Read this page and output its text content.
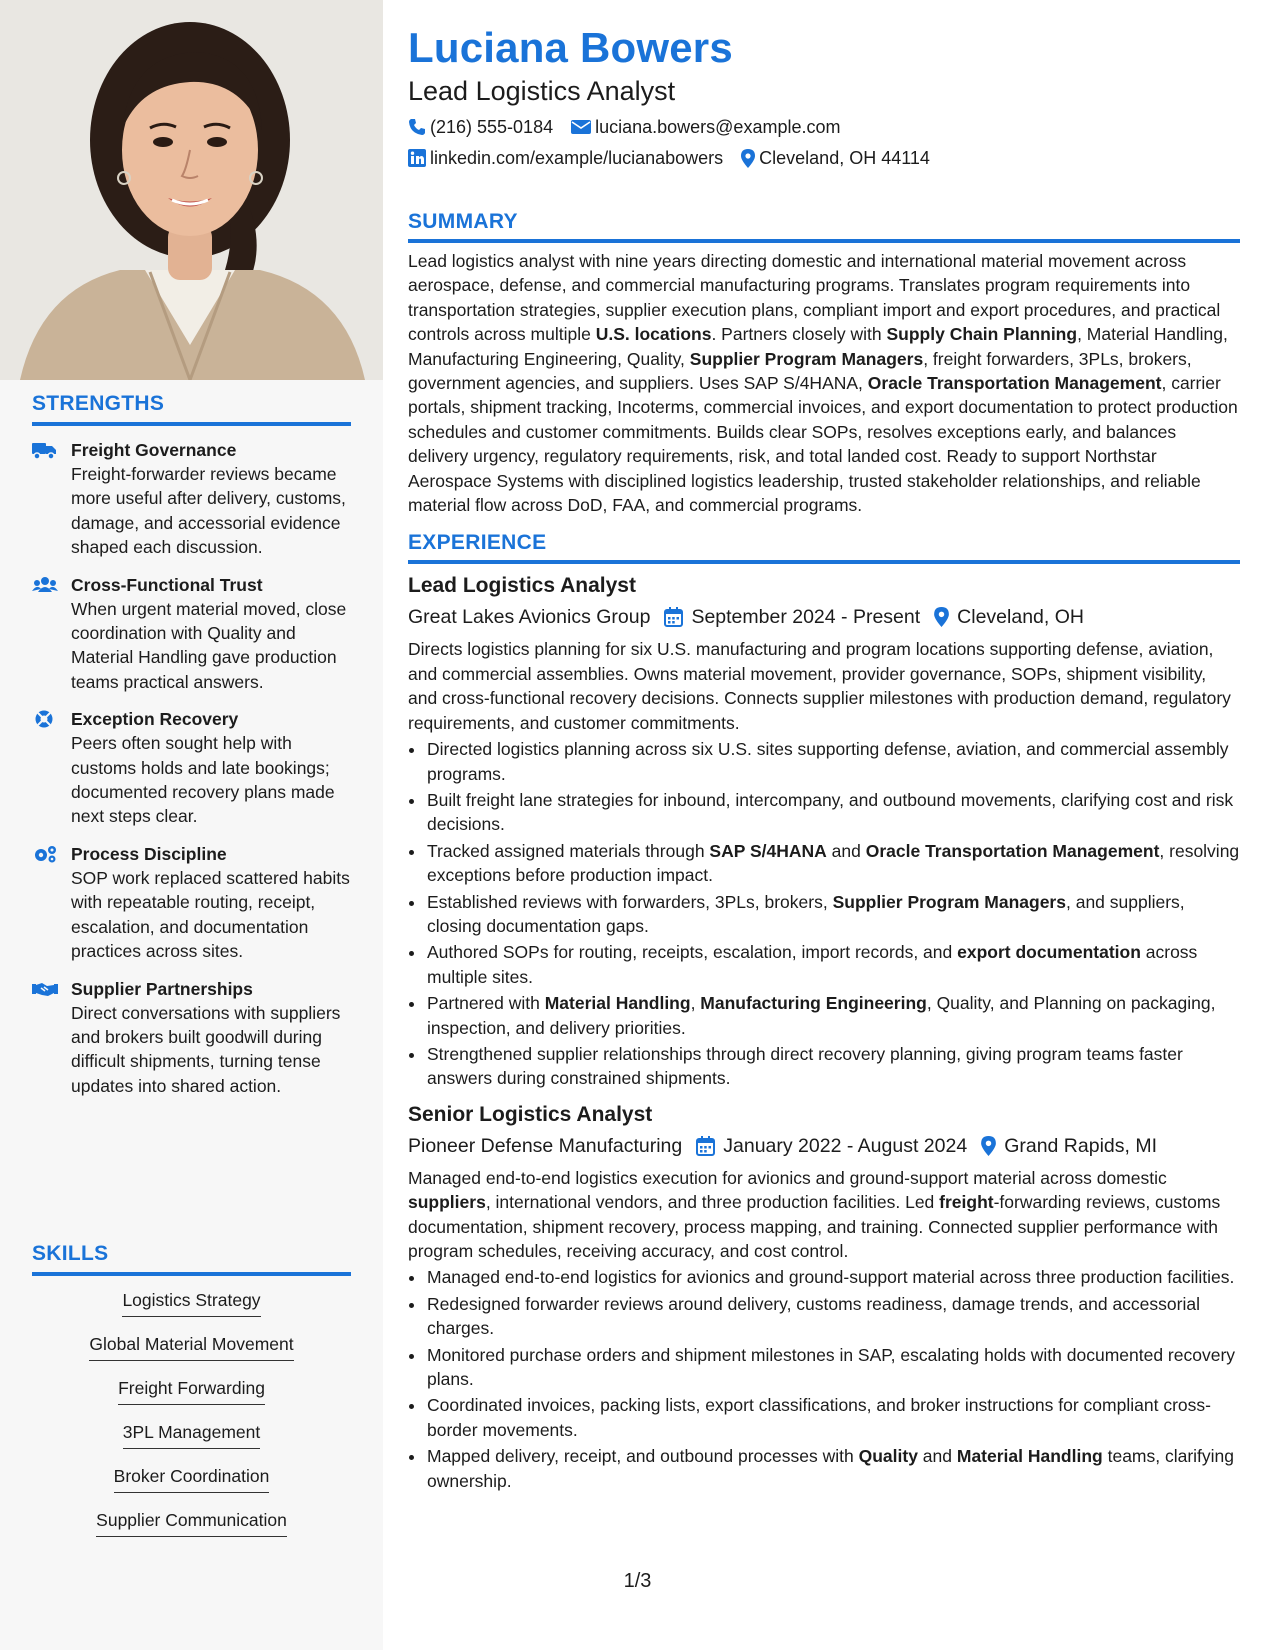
STRENGTHS
Freight Governance
Freight-forwarder reviews became more useful after delivery, customs, damage, and accessorial evidence shaped each discussion.
Cross-Functional Trust
When urgent material moved, close coordination with Quality and Material Handling gave production teams practical answers.
Exception Recovery
Peers often sought help with customs holds and late bookings; documented recovery plans made next steps clear.
Process Discipline
SOP work replaced scattered habits with repeatable routing, receipt, escalation, and documentation practices across sites.
Supplier Partnerships
Direct conversations with suppliers and brokers built goodwill during difficult shipments, turning tense updates into shared action.
SKILLS
Logistics Strategy
Global Material Movement
Freight Forwarding
3PL Management
Broker Coordination
Supplier Communication
Luciana Bowers
Lead Logistics Analyst
(216) 555-0184 luciana.bowers@example.com
linkedin.com/example/lucianabowers Cleveland, OH 44114
SUMMARY

Lead logistics analyst with nine years directing domestic and international material movement across aerospace, defense, and commercial manufacturing programs. Translates program requirements into transportation strategies, supplier execution plans, compliant import and export procedures, and practical controls across multiple U.S. locations. Partners closely with Supply Chain Planning, Material Handling, Manufacturing Engineering, Quality, Supplier Program Managers, freight forwarders, 3PLs, brokers, government agencies, and suppliers. Uses SAP S/4HANA, Oracle Transportation Management, carrier portals, shipment tracking, Incoterms, commercial invoices, and export documentation to protect production schedules and customer commitments. Builds clear SOPs, resolves exceptions early, and balances delivery urgency, regulatory requirements, risk, and total landed cost. Ready to support Northstar Aerospace Systems with disciplined logistics leadership, trusted stakeholder relationships, and reliable material flow across DoD, FAA, and commercial programs.

EXPERIENCE
Lead Logistics Analyst
Great Lakes Avionics Group September 2024 - Present Cleveland, OH

Directs logistics planning for six U.S. manufacturing and program locations supporting defense, aviation, and commercial assemblies. Owns material movement, provider governance, SOPs, shipment visibility, and cross-functional recovery decisions. Connects supplier milestones with production demand, regulatory requirements, and customer commitments.

• Directed logistics planning across six U.S. sites supporting defense, aviation, and commercial assembly programs.
• Built freight lane strategies for inbound, intercompany, and outbound movements, clarifying cost and risk decisions.
• Tracked assigned materials through SAP S/4HANA and Oracle Transportation Management, resolving exceptions before production impact.
• Established reviews with forwarders, 3PLs, brokers, Supplier Program Managers, and suppliers, closing documentation gaps.
• Authored SOPs for routing, receipts, escalation, import records, and export documentation across multiple sites.
• Partnered with Material Handling, Manufacturing Engineering, Quality, and Planning on packaging, inspection, and delivery priorities.
• Strengthened supplier relationships through direct recovery planning, giving program teams faster answers during constrained shipments.
Senior Logistics Analyst
Pioneer Defense Manufacturing January 2022 - August 2024 Grand Rapids, MI

Managed end-to-end logistics execution for avionics and ground-support material across domestic suppliers, international vendors, and three production facilities. Led freight-forwarding reviews, customs documentation, shipment recovery, process mapping, and training. Connected supplier performance with program schedules, receiving accuracy, and cost control.

• Managed end-to-end logistics for avionics and ground-support material across three production facilities.
• Redesigned forwarder reviews around delivery, customs readiness, damage trends, and accessorial charges.
• Monitored purchase orders and shipment milestones in SAP, escalating holds with documented recovery plans.
• Coordinated invoices, packing lists, export classifications, and broker instructions for compliant cross-border movements.
• Mapped delivery, receipt, and outbound processes with Quality and Material Handling teams, clarifying ownership.
1/3
